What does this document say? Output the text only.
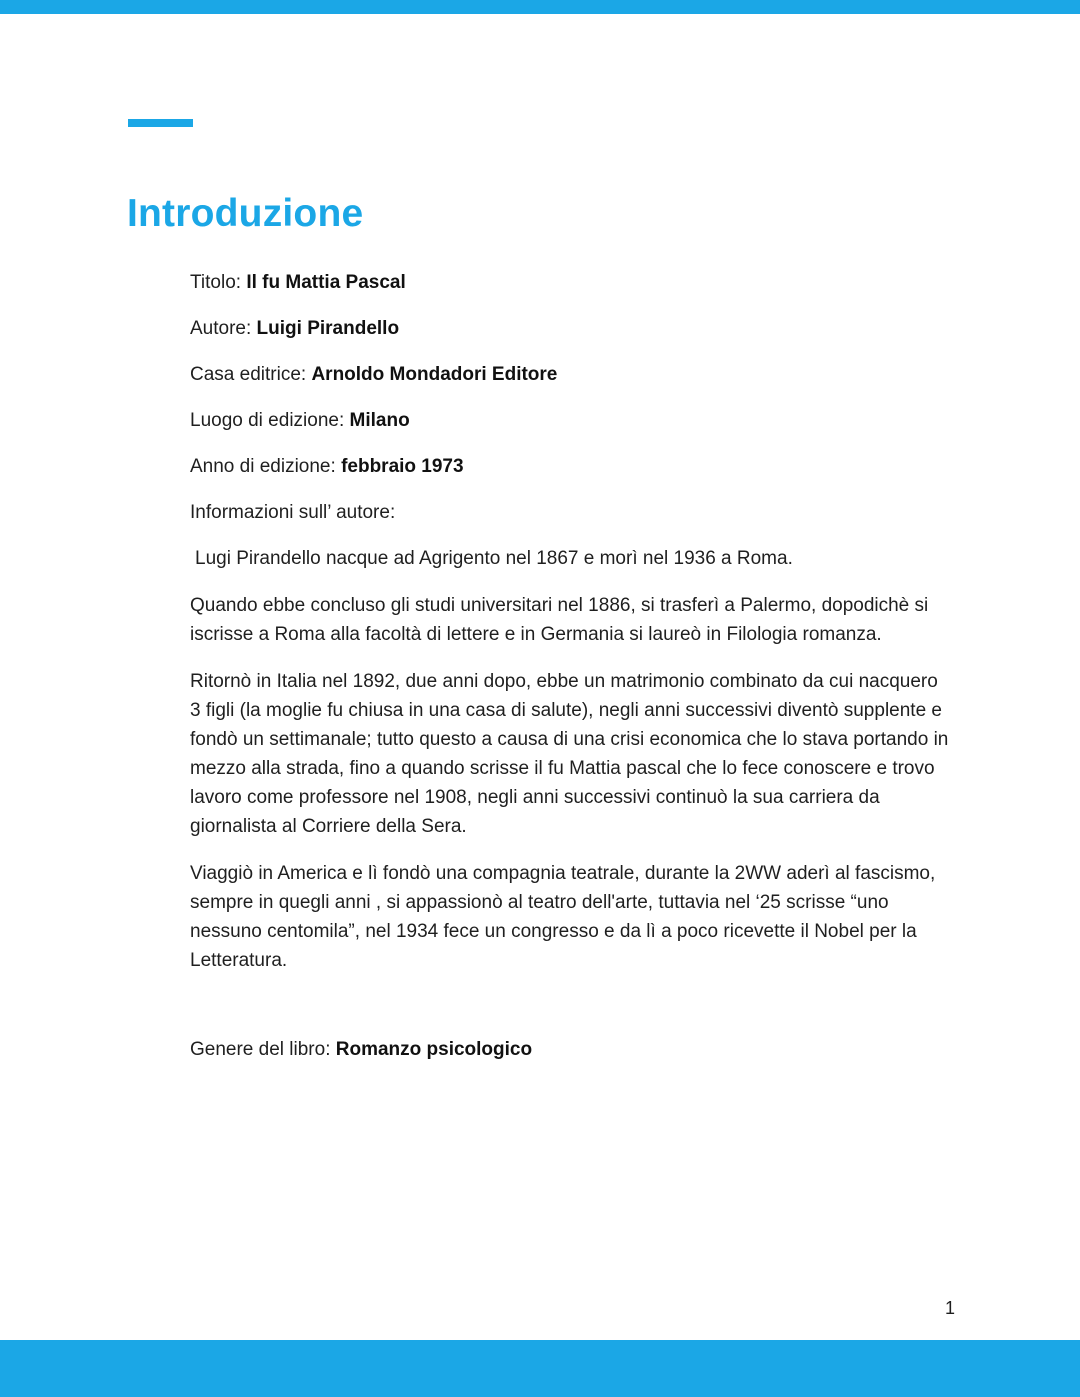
Introduzione

Titolo: Il fu Mattia Pascal

Autore: Luigi Pirandello

Casa editrice: Arnoldo Mondadori Editore

Luogo di edizione: Milano

Anno di edizione: febbraio 1973

Informazioni sull’ autore:

Lugi Pirandello nacque ad Agrigento nel 1867 e morì nel 1936 a Roma.

Quando ebbe concluso gli studi universitari nel 1886, si trasferì a Palermo, dopodichè si iscrisse a Roma alla facoltà di lettere e in Germania si laureò in Filologia romanza.

Ritornò in Italia nel 1892, due anni dopo, ebbe un matrimonio combinato da cui nacquero 3 figli (la moglie fu chiusa in una casa di salute), negli anni successivi diventò supplente e fondò un settimanale; tutto questo a causa di una crisi economica che lo stava portando in mezzo alla strada, fino a quando scrisse il fu Mattia pascal che lo fece conoscere e trovo lavoro come professore nel 1908, negli anni successivi continuò la sua carriera da giornalista al Corriere della Sera.

Viaggiò in America e lì fondò una compagnia teatrale, durante la 2WW aderì al fascismo, sempre in quegli anni , si appassionò al teatro dell'arte, tuttavia nel ‘25 scrisse “uno nessuno centomila”, nel 1934 fece un congresso e da lì a poco ricevette il Nobel per la Letteratura.

Genere del libro: Romanzo psicologico

1
